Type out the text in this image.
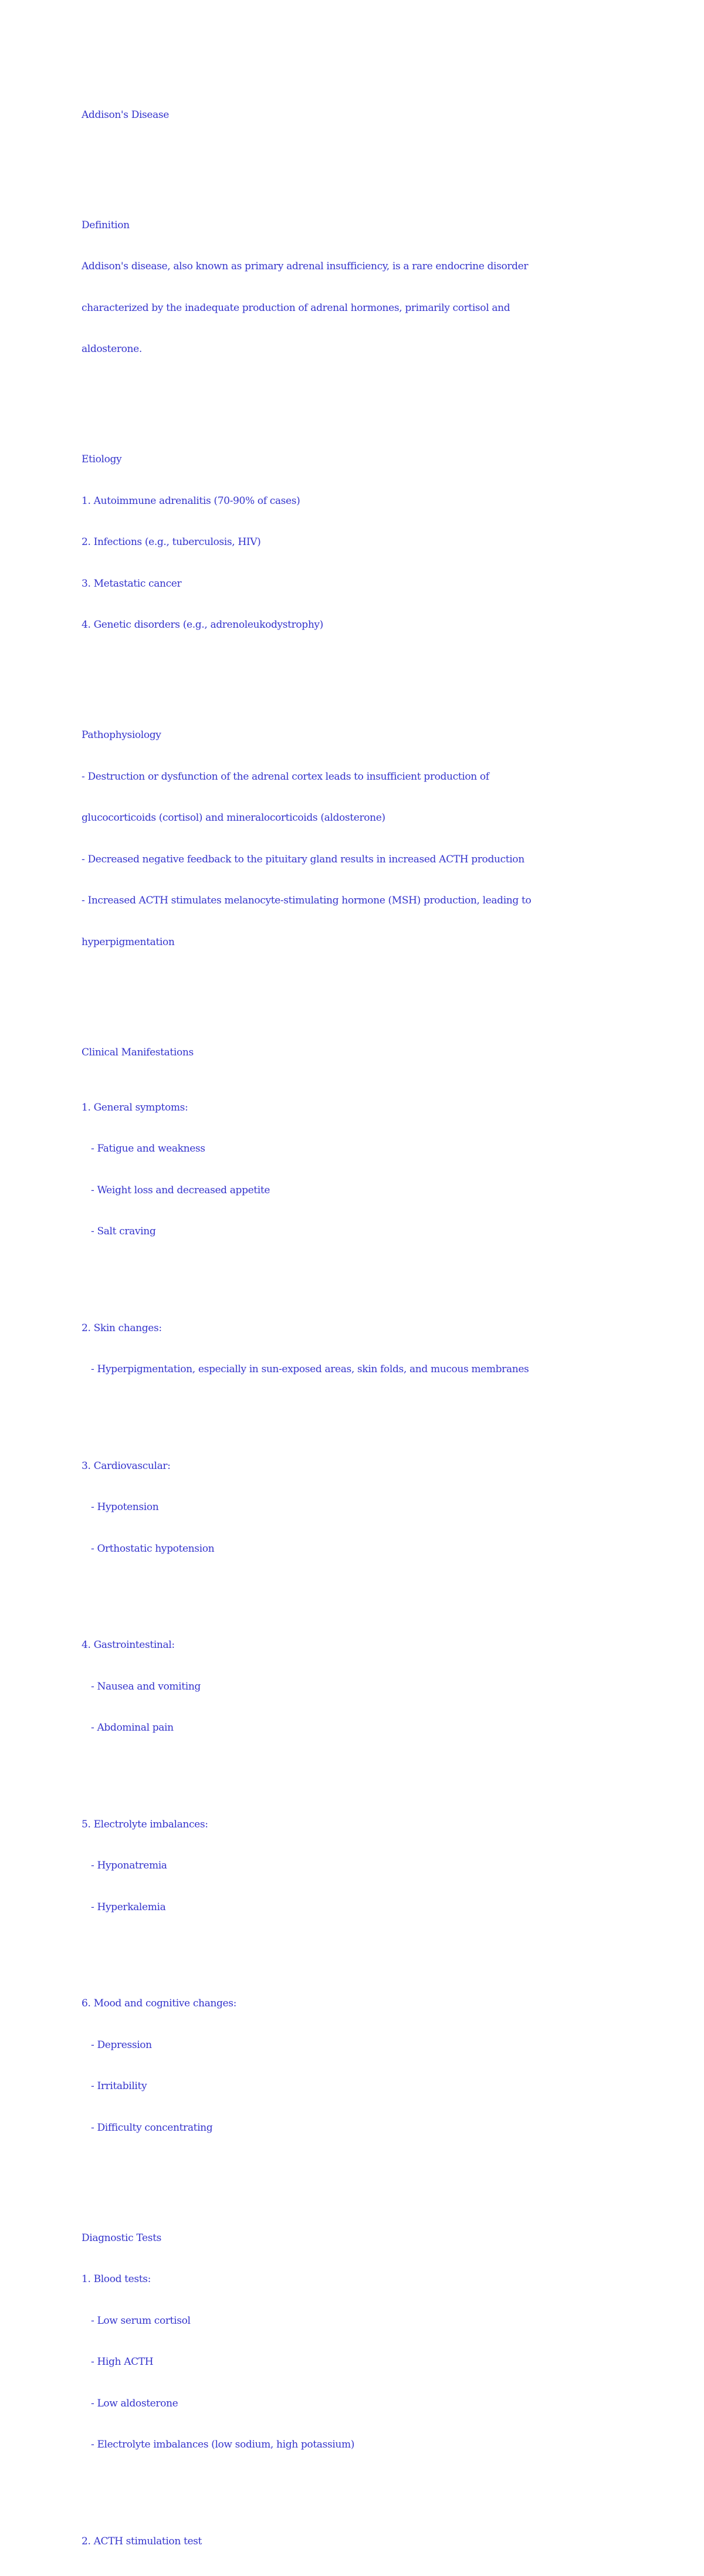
Addison's Disease

Definition

Addison's disease, also known as primary adrenal insufficiency, is a rare endocrine disorder

characterized by the inadequate production of adrenal hormones, primarily cortisol and

aldosterone.

Etiology

1. Autoimmune adrenalitis (70-90% of cases)

2. Infections (e.g., tuberculosis, HIV)

3. Metastatic cancer

4. Genetic disorders (e.g., adrenoleukodystrophy)

Pathophysiology

- Destruction or dysfunction of the adrenal cortex leads to insufficient production of

glucocorticoids (cortisol) and mineralocorticoids (aldosterone)

- Decreased negative feedback to the pituitary gland results in increased ACTH production

- Increased ACTH stimulates melanocyte-stimulating hormone (MSH) production, leading to

hyperpigmentation

Clinical Manifestations

1. General symptoms:

- Fatigue and weakness

- Weight loss and decreased appetite

- Salt craving

2. Skin changes:

- Hyperpigmentation, especially in sun-exposed areas, skin folds, and mucous membranes

3. Cardiovascular:

- Hypotension

- Orthostatic hypotension

4. Gastrointestinal:

- Nausea and vomiting

- Abdominal pain

5. Electrolyte imbalances:

- Hyponatremia

- Hyperkalemia

6. Mood and cognitive changes:

- Depression

- Irritability

- Difficulty concentrating

Diagnostic Tests

1. Blood tests:

- Low serum cortisol

- High ACTH

- Low aldosterone

- Electrolyte imbalances (low sodium, high potassium)

2. ACTH stimulation test
